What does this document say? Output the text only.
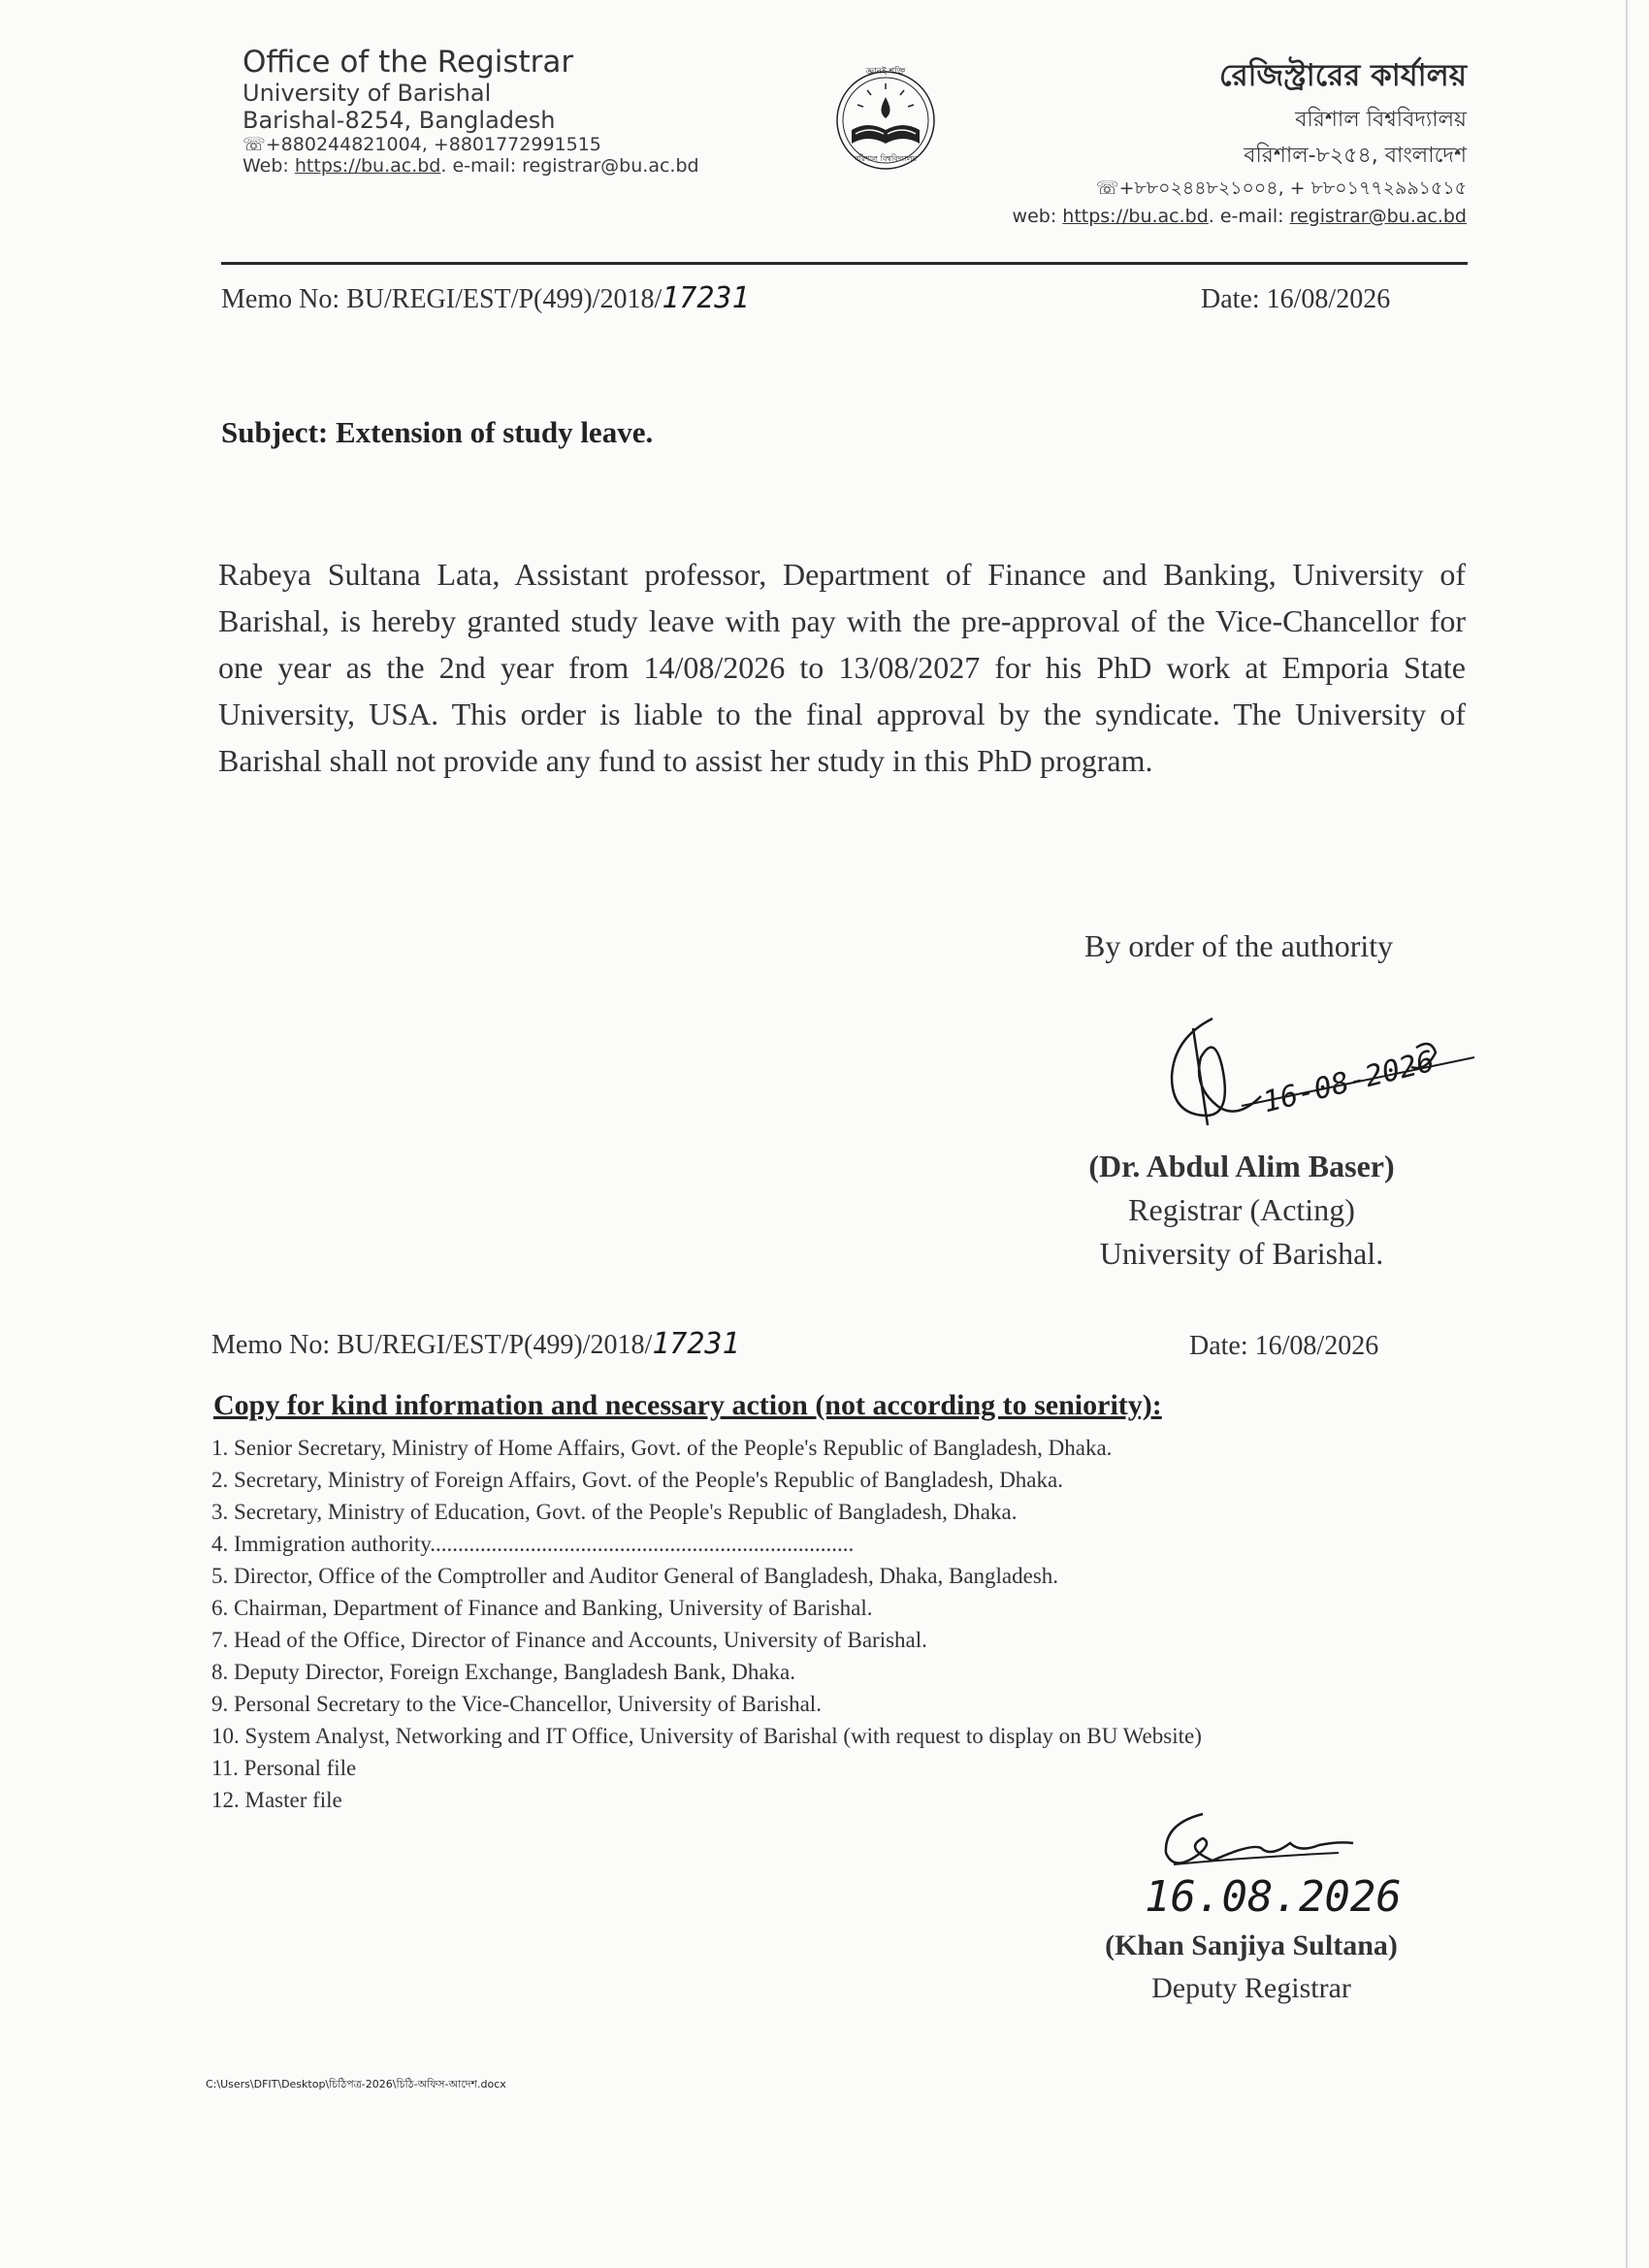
Office of the Registrar
University of Barishal
Barishal-8254, Bangladesh
☏+880244821004, +8801772991515
Web: https://bu.ac.bd. e-mail: registrar@bu.ac.bd
জ্ঞানই শক্তি
বরিশাল বিশ্ববিদ্যালয়
রেজিস্ট্রারের কার্যালয়
বরিশাল বিশ্ববিদ্যালয়
বরিশাল-৮২৫৪, বাংলাদেশ
☏+৮৮০২৪৪৮২১০০৪, + ৮৮০১৭৭২৯৯১৫১৫
web: https://bu.ac.bd. e-mail: registrar@bu.ac.bd
Memo No: BU/REGI/EST/P(499)/2018/17231	Date: 16/08/2026
Subject: Extension of study leave.

Rabeya Sultana Lata, Assistant professor, Department of Finance and Banking, University of Barishal, is hereby granted study leave with pay with the pre-approval of the Vice-Chancellor for one year as the 2nd year from 14/08/2026 to 13/08/2027 for his PhD work at Emporia State University, USA. This order is liable to the final approval by the syndicate. The University of Barishal shall not provide any fund to assist her study in this PhD program.

By order of the authority
16-08-2026
(Dr. Abdul Alim Baser)
Registrar (Acting)
University of Barishal.
Memo No: BU/REGI/EST/P(499)/2018/17231	Date: 16/08/2026
Copy for kind information and necessary action (not according to seniority):
1. Senior Secretary, Ministry of Home Affairs, Govt. of the People's Republic of Bangladesh, Dhaka.
2. Secretary, Ministry of Foreign Affairs, Govt. of the People's Republic of Bangladesh, Dhaka.
3. Secretary, Ministry of Education, Govt. of the People's Republic of Bangladesh, Dhaka.
4. Immigration authority............................................................................
5. Director, Office of the Comptroller and Auditor General of Bangladesh, Dhaka, Bangladesh.
6. Chairman, Department of Finance and Banking, University of Barishal.
7. Head of the Office, Director of Finance and Accounts, University of Barishal.
8. Deputy Director, Foreign Exchange, Bangladesh Bank, Dhaka.
9. Personal Secretary to the Vice-Chancellor, University of Barishal.
10. System Analyst, Networking and IT Office, University of Barishal (with request to display on BU Website)
11. Personal file
12. Master file
16.08.2026
(Khan Sanjiya Sultana)
Deputy Registrar
C:\Users\DFIT\Desktop\চিঠিপত্র-2026\চিঠি-অফিস-আদেশ.docx
